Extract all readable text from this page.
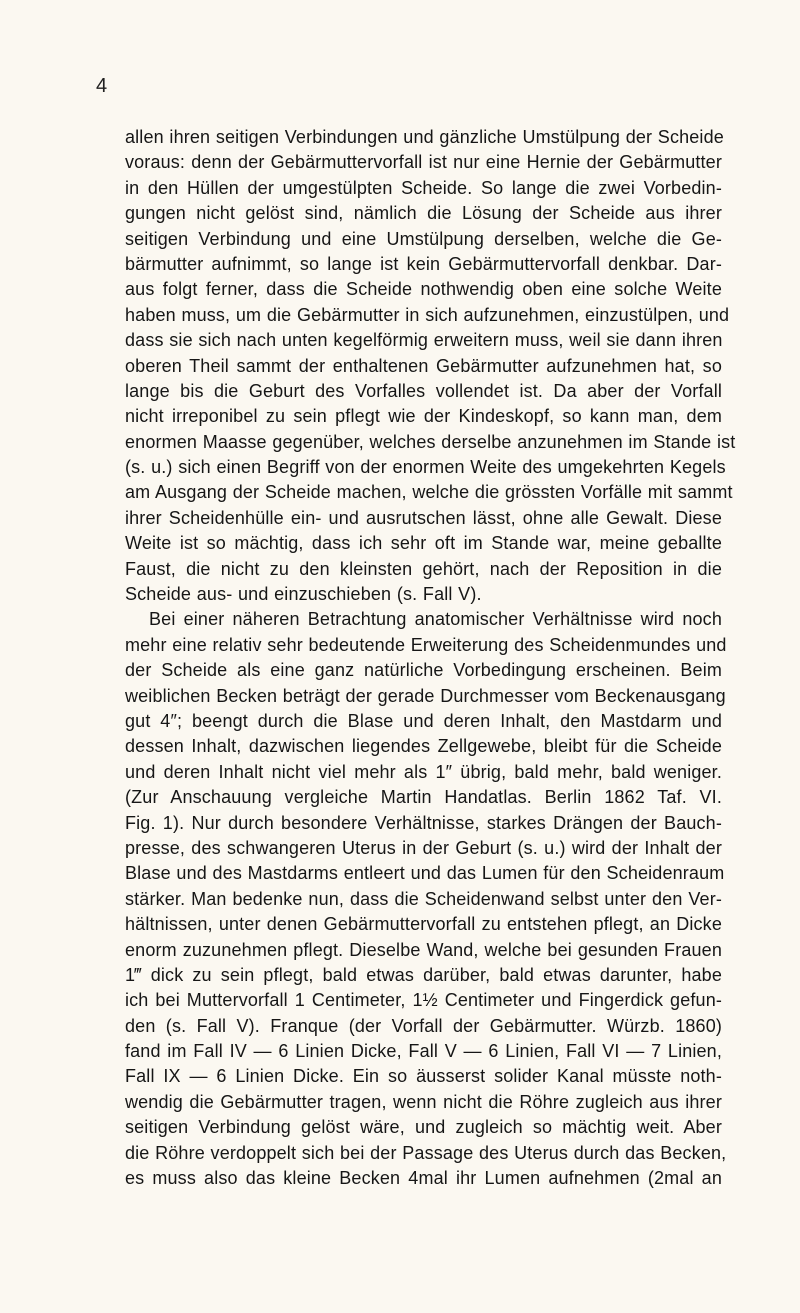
4
allen ihren seitigen Verbindungen und gänzliche Umstülpung der Scheide
voraus: denn der Gebärmuttervorfall ist nur eine Hernie der Gebärmutter
in den Hüllen der umgestülpten Scheide. So lange die zwei Vorbedin-
gungen nicht gelöst sind, nämlich die Lösung der Scheide aus ihrer
seitigen Verbindung und eine Umstülpung derselben, welche die Ge-
bärmutter aufnimmt, so lange ist kein Gebärmuttervorfall denkbar. Dar-
aus folgt ferner, dass die Scheide nothwendig oben eine solche Weite
haben muss, um die Gebärmutter in sich aufzunehmen, einzustülpen, und
dass sie sich nach unten kegelförmig erweitern muss, weil sie dann ihren
oberen Theil sammt der enthaltenen Gebärmutter aufzunehmen hat, so
lange bis die Geburt des Vorfalles vollendet ist. Da aber der Vorfall
nicht irreponibel zu sein pflegt wie der Kindeskopf, so kann man, dem
enormen Maasse gegenüber, welches derselbe anzunehmen im Stande ist
(s. u.) sich einen Begriff von der enormen Weite des umgekehrten Kegels
am Ausgang der Scheide machen, welche die grössten Vorfälle mit sammt
ihrer Scheidenhülle ein- und ausrutschen lässt, ohne alle Gewalt. Diese
Weite ist so mächtig, dass ich sehr oft im Stande war, meine geballte
Faust, die nicht zu den kleinsten gehört, nach der Reposition in die
Scheide aus- und einzuschieben (s. Fall V).
Bei einer näheren Betrachtung anatomischer Verhältnisse wird noch
mehr eine relativ sehr bedeutende Erweiterung des Scheidenmundes und
der Scheide als eine ganz natürliche Vorbedingung erscheinen. Beim
weiblichen Becken beträgt der gerade Durchmesser vom Beckenausgang
gut 4″; beengt durch die Blase und deren Inhalt, den Mastdarm und
dessen Inhalt, dazwischen liegendes Zellgewebe, bleibt für die Scheide
und deren Inhalt nicht viel mehr als 1″ übrig, bald mehr, bald weniger.
(Zur Anschauung vergleiche Martin Handatlas. Berlin 1862 Taf. VI.
Fig. 1). Nur durch besondere Verhältnisse, starkes Drängen der Bauch-
presse, des schwangeren Uterus in der Geburt (s. u.) wird der Inhalt der
Blase und des Mastdarms entleert und das Lumen für den Scheidenraum
stärker. Man bedenke nun, dass die Scheidenwand selbst unter den Ver-
hältnissen, unter denen Gebärmuttervorfall zu entstehen pflegt, an Dicke
enorm zuzunehmen pflegt. Dieselbe Wand, welche bei gesunden Frauen
1‴ dick zu sein pflegt, bald etwas darüber, bald etwas darunter, habe
ich bei Muttervorfall 1 Centimeter, 1½ Centimeter und Fingerdick gefun-
den (s. Fall V). Franque (der Vorfall der Gebärmutter. Würzb. 1860)
fand im Fall IV — 6 Linien Dicke, Fall V — 6 Linien, Fall VI — 7 Linien,
Fall IX — 6 Linien Dicke. Ein so äusserst solider Kanal müsste noth-
wendig die Gebärmutter tragen, wenn nicht die Röhre zugleich aus ihrer
seitigen Verbindung gelöst wäre, und zugleich so mächtig weit. Aber
die Röhre verdoppelt sich bei der Passage des Uterus durch das Becken,
es muss also das kleine Becken 4mal ihr Lumen aufnehmen (2mal an
